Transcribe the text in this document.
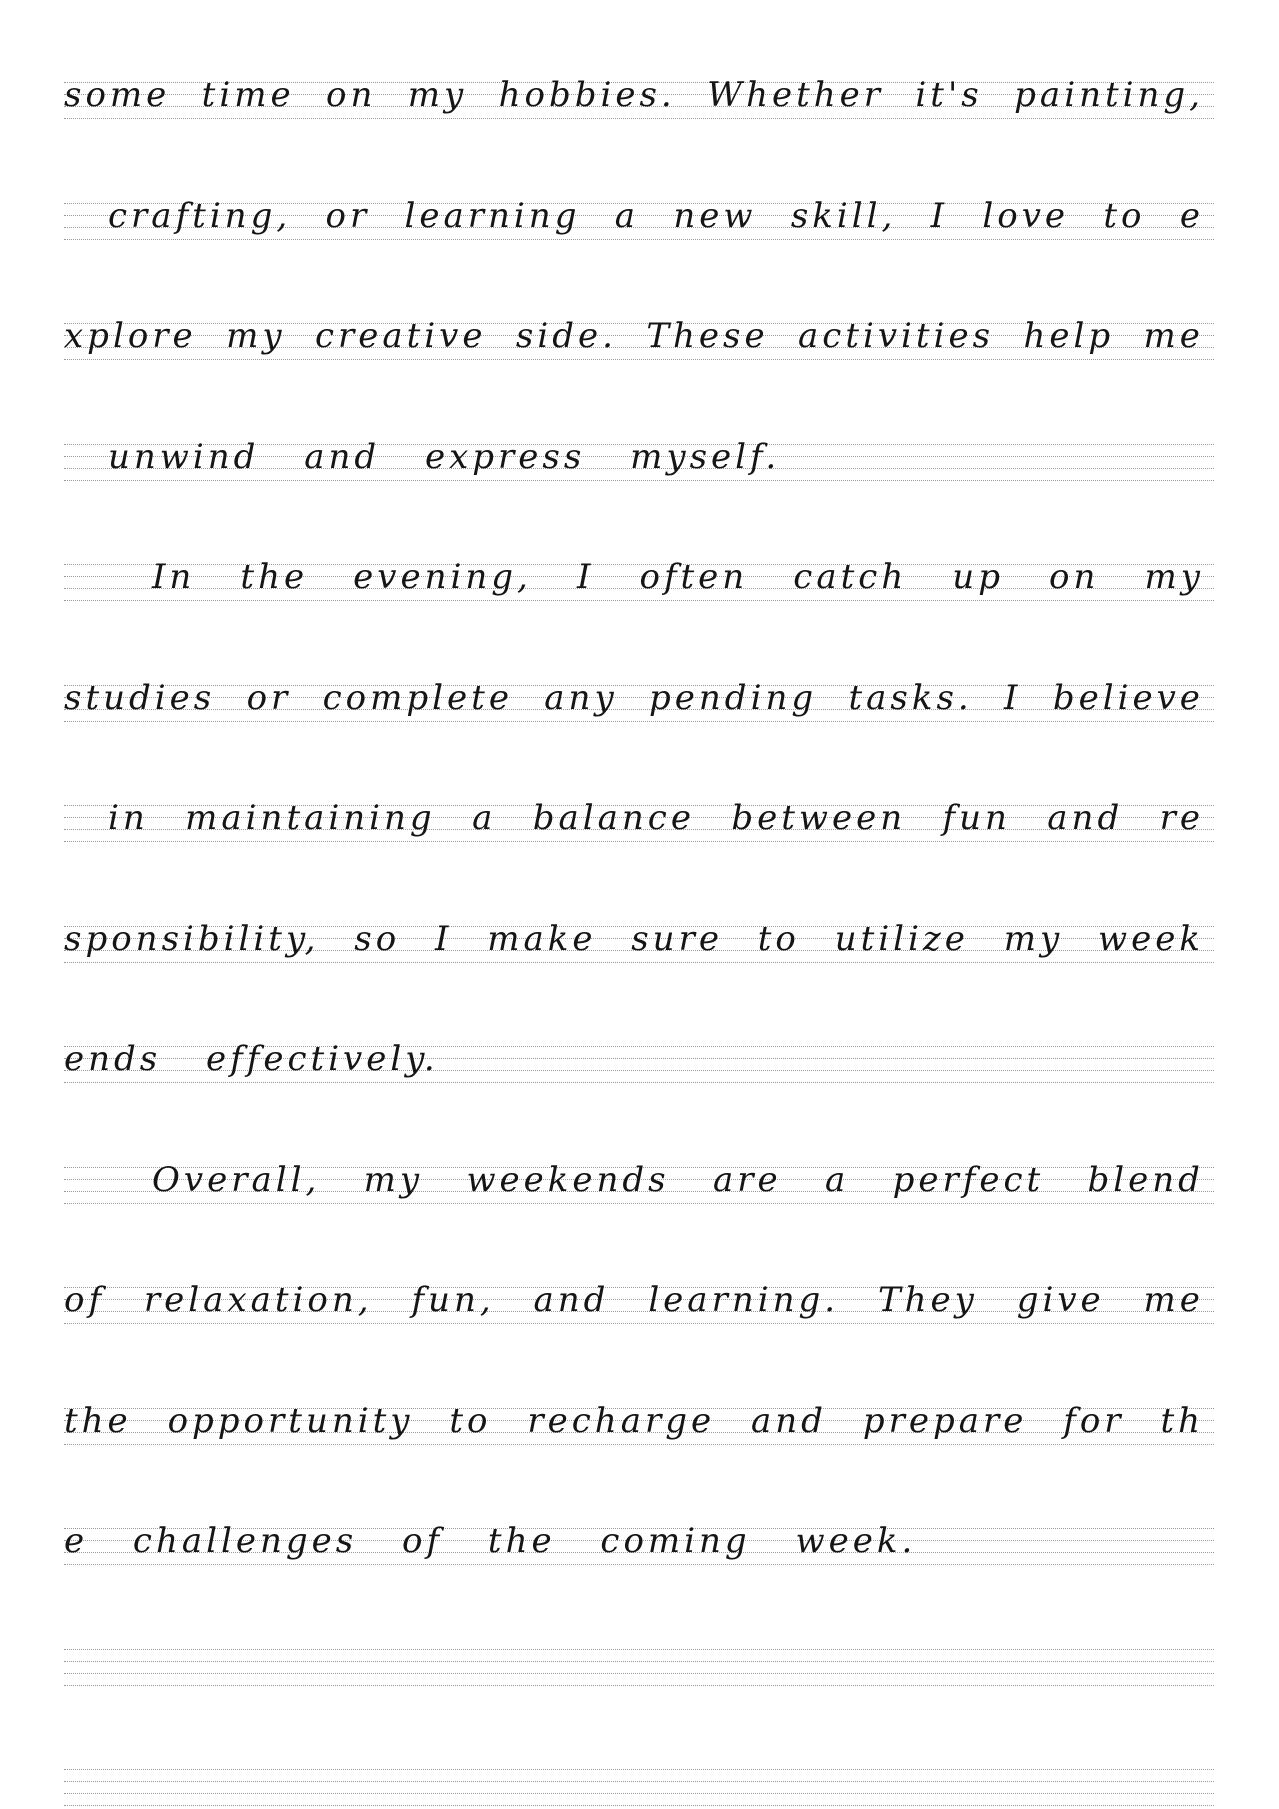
some time on my hobbies. Whether it's painting,
crafting, or learning a new skill, I love to e
xplore my creative side. These activities help me
unwind and express myself.
In the evening, I often catch up on my
studies or complete any pending tasks. I believe
in maintaining a balance between fun and re
sponsibility, so I make sure to utilize my week
ends effectively.
Overall, my weekends are a perfect blend
of relaxation, fun, and learning. They give me
the opportunity to recharge and prepare for th
e challenges of the coming week.
